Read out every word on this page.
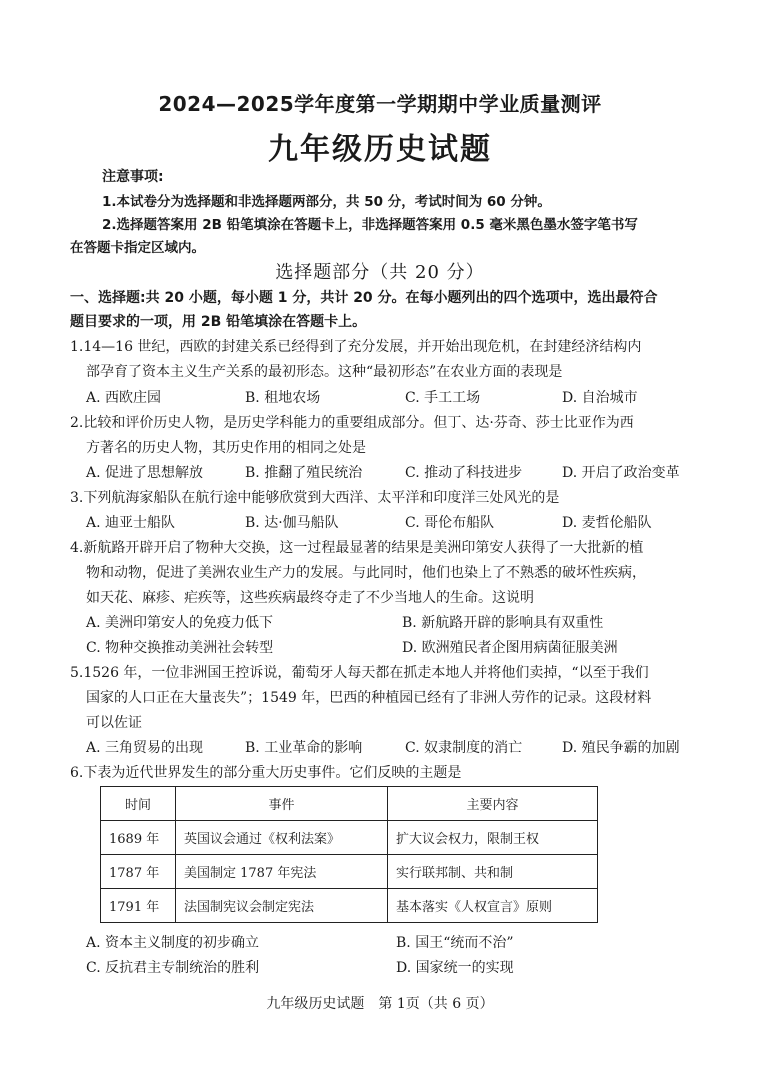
2024—2025学年度第一学期期中学业质量测评
九年级历史试题
注意事项:
1.本试卷分为选择题和非选择题两部分，共 50 分，考试时间为 60 分钟。
2.选择题答案用 2B 铅笔填涂在答题卡上，非选择题答案用 0.5 毫米黑色墨水签字笔书写
在答题卡指定区域内。
选择题部分（共 20 分）
一、选择题:共 20 小题，每小题 1 分，共计 20 分。在每小题列出的四个选项中，选出最符合
题目要求的一项，用 2B 铅笔填涂在答题卡上。
1.14—16 世纪，西欧的封建关系已经得到了充分发展，并开始出现危机，在封建经济结构内
部孕育了资本主义生产关系的最初形态。这种“最初形态”在农业方面的表现是
A. 西欧庄园	B. 租地农场	C. 手工工场	D. 自治城市
2.比较和评价历史人物，是历史学科能力的重要组成部分。但丁、达·芬奇、莎士比亚作为西
方著名的历史人物，其历史作用的相同之处是
A. 促进了思想解放	B. 推翻了殖民统治	C. 推动了科技进步	D. 开启了政治变革
3.下列航海家船队在航行途中能够欣赏到大西洋、太平洋和印度洋三处风光的是
A. 迪亚士船队	B. 达·伽马船队	C. 哥伦布船队	D. 麦哲伦船队
4.新航路开辟开启了物种大交换，这一过程最显著的结果是美洲印第安人获得了一大批新的植
物和动物，促进了美洲农业生产力的发展。与此同时，他们也染上了不熟悉的破坏性疾病，
如天花、麻疹、疟疾等，这些疾病最终夺走了不少当地人的生命。这说明
A. 美洲印第安人的免疫力低下	B. 新航路开辟的影响具有双重性
C. 物种交换推动美洲社会转型	D. 欧洲殖民者企图用病菌征服美洲
5.1526 年，一位非洲国王控诉说，葡萄牙人每天都在抓走本地人并将他们卖掉，“以至于我们
国家的人口正在大量丧失”；1549 年，巴西的种植园已经有了非洲人劳作的记录。这段材料
可以佐证
A. 三角贸易的出现	B. 工业革命的影响	C. 奴隶制度的消亡	D. 殖民争霸的加剧
6.下表为近代世界发生的部分重大历史事件。它们反映的主题是
时间	事件	主要内容
1689 年	英国议会通过《权利法案》	扩大议会权力，限制王权
1787 年	美国制定 1787 年宪法	实行联邦制、共和制
1791 年	法国制宪议会制定宪法	基本落实《人权宣言》原则
A. 资本主义制度的初步确立	B. 国王“统而不治”
C. 反抗君主专制统治的胜利	D. 国家统一的实现
九年级历史试题　第 1页（共 6 页）
